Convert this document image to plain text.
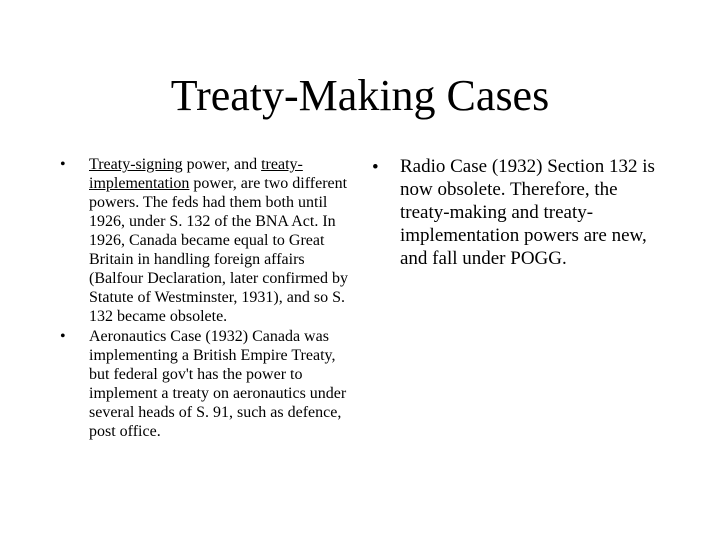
Treaty-Making Cases
• Treaty-signing power, and treaty-implementation power, are two different powers. The feds had them both until 1926, under S. 132 of the BNA Act. In 1926, Canada became equal to Great Britain in handling foreign affairs (Balfour Declaration, later confirmed by Statute of Westminster, 1931), and so S. 132 became obsolete.
• Aeronautics Case (1932) Canada was implementing a British Empire Treaty, but federal gov't has the power to implement a treaty on aeronautics under several heads of S. 91, such as defence, post office.
• Radio Case (1932) Section 132 is now obsolete. Therefore, the treaty-making and treaty-implementation powers are new, and fall under POGG.
